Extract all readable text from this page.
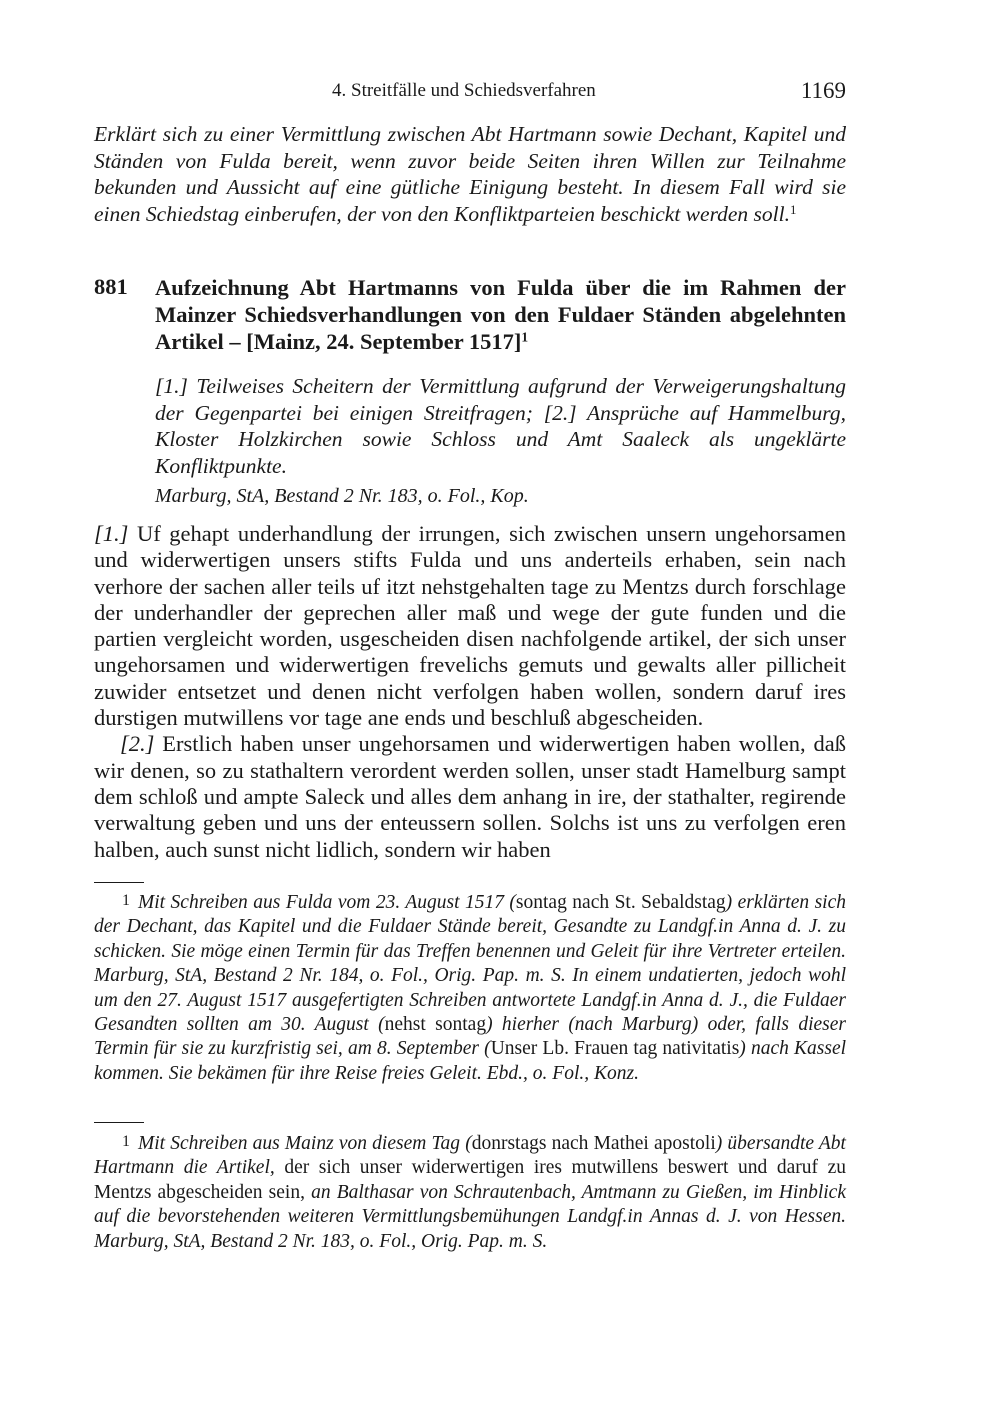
4. Streitfälle und Schiedsverfahren	1169
Erklärt sich zu einer Vermittlung zwischen Abt Hartmann sowie Dechant, Kapitel und Ständen von Fulda bereit, wenn zuvor beide Seiten ihren Willen zur Teilnahme bekunden und Aussicht auf eine gütliche Einigung besteht. In diesem Fall wird sie einen Schiedstag einberufen, der von den Konfliktparteien beschickt werden soll.$^1$
881 Aufzeichnung Abt Hartmanns von Fulda über die im Rahmen der Mainzer Schiedsverhandlungen von den Fuldaer Ständen abgelehnten Artikel – [Mainz, 24. September 1517]$^1$
[1.] Teilweises Scheitern der Vermittlung aufgrund der Verweigerungshaltung der Gegenpartei bei einigen Streitfragen; [2.] Ansprüche auf Hammelburg, Kloster Holzkirchen sowie Schloss und Amt Saaleck als ungeklärte Konfliktpunkte.
Marburg, StA, Bestand 2 Nr. 183, o. Fol., Kop.

[1.] Uf gehapt underhandlung der irrungen, sich zwischen unsern ungehorsamen und widerwertigen unsers stifts Fulda und uns anderteils erhaben, sein nach verhore der sachen aller teils uf itzt nehstgehalten tage zu Mentzs durch forschlage der underhandler der geprechen aller maß und wege der gute funden und die partien vergleicht worden, usgescheiden disen nachfolgende artikel, der sich unser ungehorsamen und widerwertigen frevelichs gemuts und gewalts aller pillicheit zuwider entsetzet und denen nicht verfolgen haben wollen, sondern daruf ires durstigen mutwillens vor tage ane ends und beschluß abgescheiden.

[2.] Erstlich haben unser ungehorsamen und widerwertigen haben wollen, daß wir denen, so zu stathaltern verordent werden sollen, unser stadt Hamelburg sampt dem schloß und ampte Saleck und alles dem anhang in ire, der stathalter, regirende verwaltung geben und uns der enteussern sollen. Solchs ist uns zu verfolgen eren halben, auch sunst nicht lidlich, sondern wir haben

1 Mit Schreiben aus Fulda vom 23. August 1517 (sontag nach St. Sebaldstag) erklärten sich der Dechant, das Kapitel und die Fuldaer Stände bereit, Gesandte zu Landgf.in Anna d. J. zu schicken. Sie möge einen Termin für das Treffen benennen und Geleit für ihre Vertreter erteilen. Marburg, StA, Bestand 2 Nr. 184, o. Fol., Orig. Pap. m. S. In einem undatierten, jedoch wohl um den 27. August 1517 ausgefertigten Schreiben antwortete Landgf.in Anna d. J., die Fuldaer Gesandten sollten am 30. August (nehst sontag) hierher (nach Marburg) oder, falls dieser Termin für sie zu kurzfristig sei, am 8. September (Unser Lb. Frauen tag nativitatis) nach Kassel kommen. Sie bekämen für ihre Reise freies Geleit. Ebd., o. Fol., Konz.
1 Mit Schreiben aus Mainz von diesem Tag (donrstags nach Mathei apostoli) übersandte Abt Hartmann die Artikel, der sich unser widerwertigen ires mutwillens beswert und daruf zu Mentzs abgescheiden sein, an Balthasar von Schrautenbach, Amtmann zu Gießen, im Hinblick auf die bevorstehenden weiteren Vermittlungsbemühungen Landgf.in Annas d. J. von Hessen. Marburg, StA, Bestand 2 Nr. 183, o. Fol., Orig. Pap. m. S.
